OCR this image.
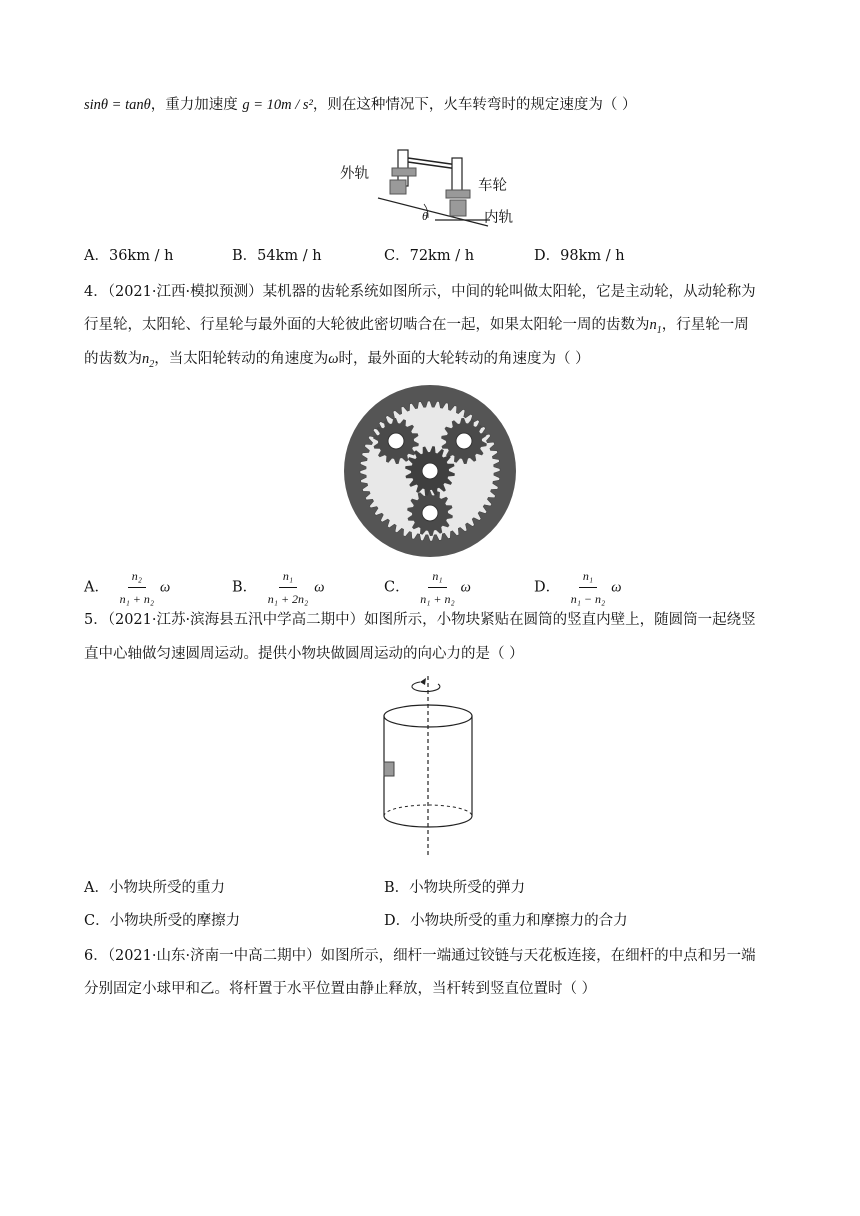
sinθ = tanθ，重力加速度 g = 10m / s²，则在这种情况下，火车转弯时的规定速度为（ ）
外轨
车轮
内轨
θ
A．36km / h	B．54km / h	C．72km / h	D．98km / h
4．（2021·江西·模拟预测）某机器的齿轮系统如图所示，中间的轮叫做太阳轮，它是主动轮，从动轮称为
行星轮，太阳轮、行星轮与最外面的大轮彼此密切啮合在一起，如果太阳轮一周的齿数为$n_1$，行星轮一周
的齿数为$n_2$，当太阳轮转动的角速度为ω时，最外面的大轮转动的角速度为（ ）
A． $\frac{\text{n₂}}{\text{n₁ + n₂}}$ ω	B． $\frac{\text{n₁}}{\text{n₁ + 2n₂}}$ ω	C． $\frac{\text{n₁}}{\text{n₁ + n₂}}$ ω	D． $\frac{\text{n₁}}{\text{n₁ − n₂}}$ ω
5．（2021·江苏·滨海县五汛中学高二期中）如图所示，小物块紧贴在圆筒的竖直内壁上，随圆筒一起绕竖
直中心轴做匀速圆周运动。提供小物块做圆周运动的向心力的是（ ）
A．小物块所受的重力	B．小物块所受的弹力
C．小物块所受的摩擦力	D．小物块所受的重力和摩擦力的合力
6．（2021·山东·济南一中高二期中）如图所示，细杆一端通过铰链与天花板连接，在细杆的中点和另一端
分别固定小球甲和乙。将杆置于水平位置由静止释放，当杆转到竖直位置时（ ）
